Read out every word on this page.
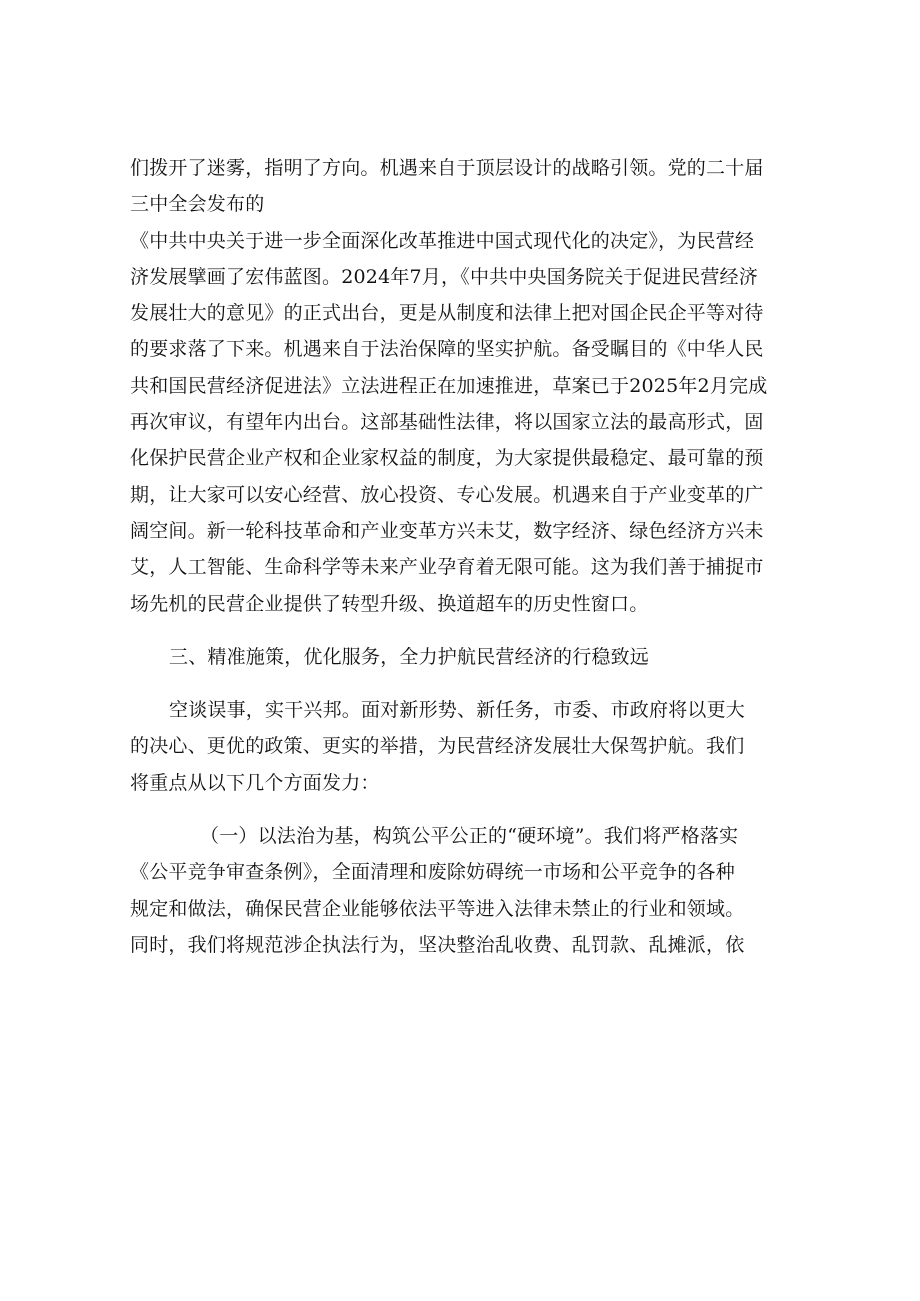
们拨开了迷雾，指明了方向。机遇来自于顶层设计的战略引领。党的二十届
三中全会发布的
《中共中央关于进一步全面深化改革推进中国式现代化的决定》，为民营经
济发展擘画了宏伟蓝图。2024年7月，《中共中央国务院关于促进民营经济
发展壮大的意见》的正式出台，更是从制度和法律上把对国企民企平等对待
的要求落了下来。机遇来自于法治保障的坚实护航。备受瞩目的《中华人民
共和国民营经济促进法》立法进程正在加速推进，草案已于2025年2月完成
再次审议，有望年内出台。这部基础性法律，将以国家立法的最高形式，固
化保护民营企业产权和企业家权益的制度，为大家提供最稳定、最可靠的预
期，让大家可以安心经营、放心投资、专心发展。机遇来自于产业变革的广
阔空间。新一轮科技革命和产业变革方兴未艾，数字经济、绿色经济方兴未
艾，人工智能、生命科学等未来产业孕育着无限可能。这为我们善于捕捉市
场先机的民营企业提供了转型升级、换道超车的历史性窗口。
三、精准施策，优化服务，全力护航民营经济的行稳致远
空谈误事，实干兴邦。面对新形势、新任务，市委、市政府将以更大
的决心、更优的政策、更实的举措，为民营经济发展壮大保驾护航。我们
将重点从以下几个方面发力：
（一）以法治为基，构筑公平公正的“硬环境”。我们将严格落实
《公平竞争审查条例》，全面清理和废除妨碍统一市场和公平竞争的各种
规定和做法，确保民营企业能够依法平等进入法律未禁止的行业和领域。
同时，我们将规范涉企执法行为，坚决整治乱收费、乱罚款、乱摊派，依
